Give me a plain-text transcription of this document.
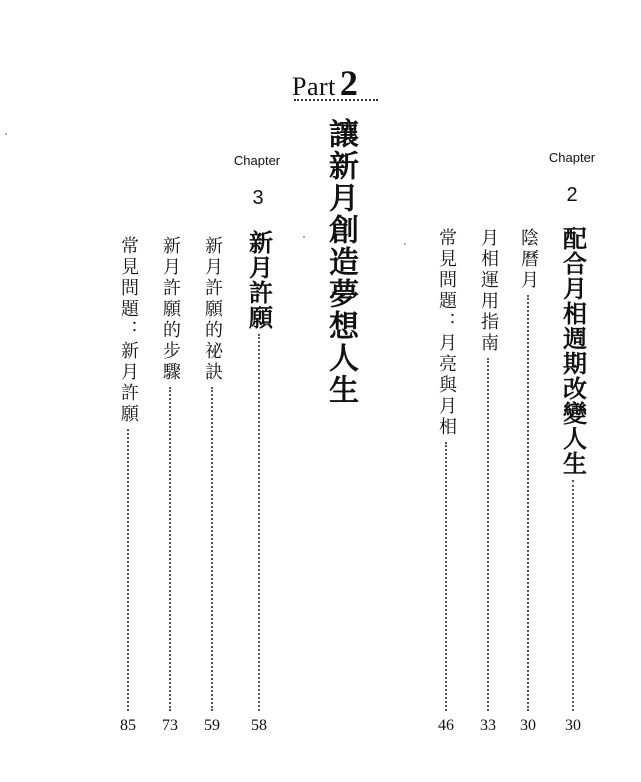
Part 2
讓新月創造夢想人生	Chapter
2
配合月相週期改變人生
陰曆月
月相運用指南
常見問題：月亮與月相
Chapter
3
新月許願
新月許願的祕訣
新月許願的步驟
常見問題：新月許願
30
30
33
46
58
59
73
85
